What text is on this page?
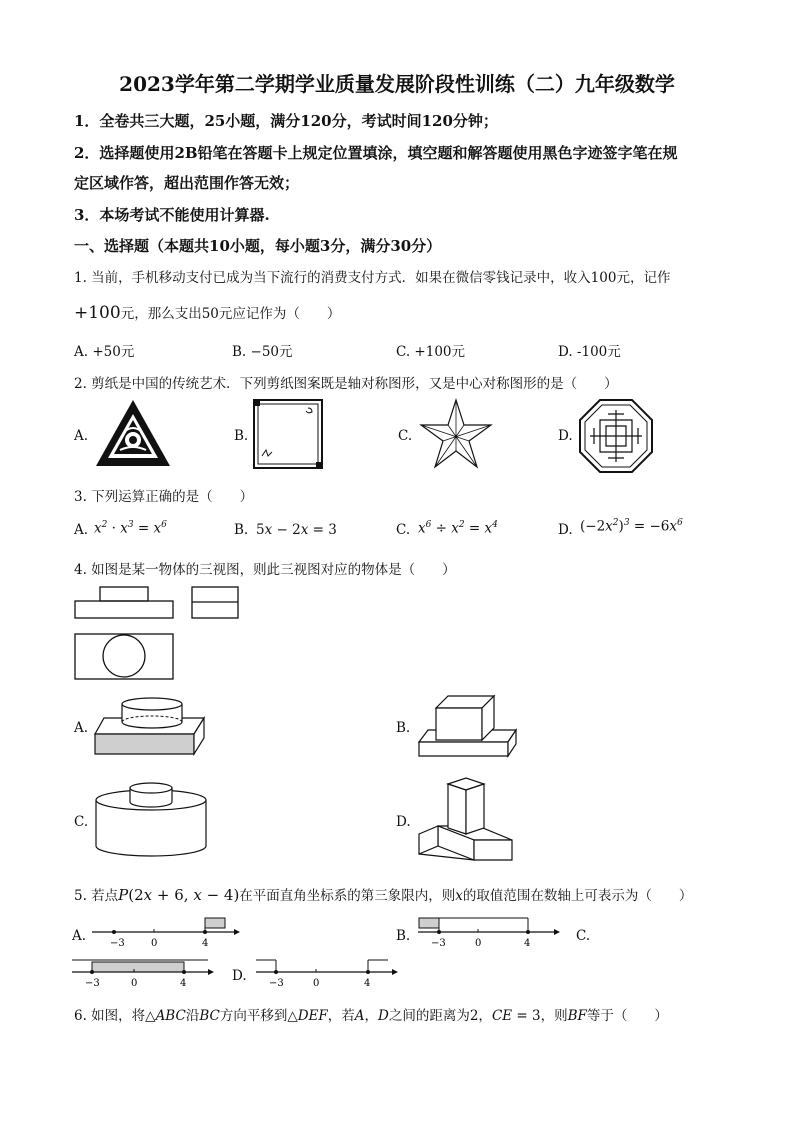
2023学年第二学期学业质量发展阶段性训练（二）九年级数学
1．全卷共三大题，25小题，满分120分，考试时间120分钟；
2．选择题使用2B铅笔在答题卡上规定位置填涂，填空题和解答题使用黑色字迹签字笔在规
定区域作答，超出范围作答无效；
3．本场考试不能使用计算器.
一、选择题（本题共10小题，每小题3分，满分30分）
1. 当前，手机移动支付已成为当下流行的消费支付方式．如果在微信零钱记录中，收入100元，记作
+100元，那么支出50元应记作为（　　）
A. +50元	B. −50元	C. +100元	D. -100元
2. 剪纸是中国的传统艺术．下列剪纸图案既是轴对称图形，又是中心对称图形的是（　　）
A.	B.	C.	D.
3. 下列运算正确的是（　　）
A.	B.	C.	D.
$x^2 \cdot x^3 = x^6$	5x − 2x = 3	$x^6 \div x^2 = x^4$	$(-2x^2)^3 = -6x^6$
4. 如图是某一物体的三视图，则此三视图对应的物体是（　　）
A.	B.
C.	D.
5. 若点P(2x + 6, x − 4)在平面直角坐标系的第三象限内，则x的取值范围在数轴上可表示为（　　）
A.	B.	C.
D.
−3	0	4	−3	0	4
−3	0	4	−3	0	4
6. 如图，将△ABC沿BC方向平移到△DEF，若A，D之间的距离为2，CE = 3，则BF等于（　　）
